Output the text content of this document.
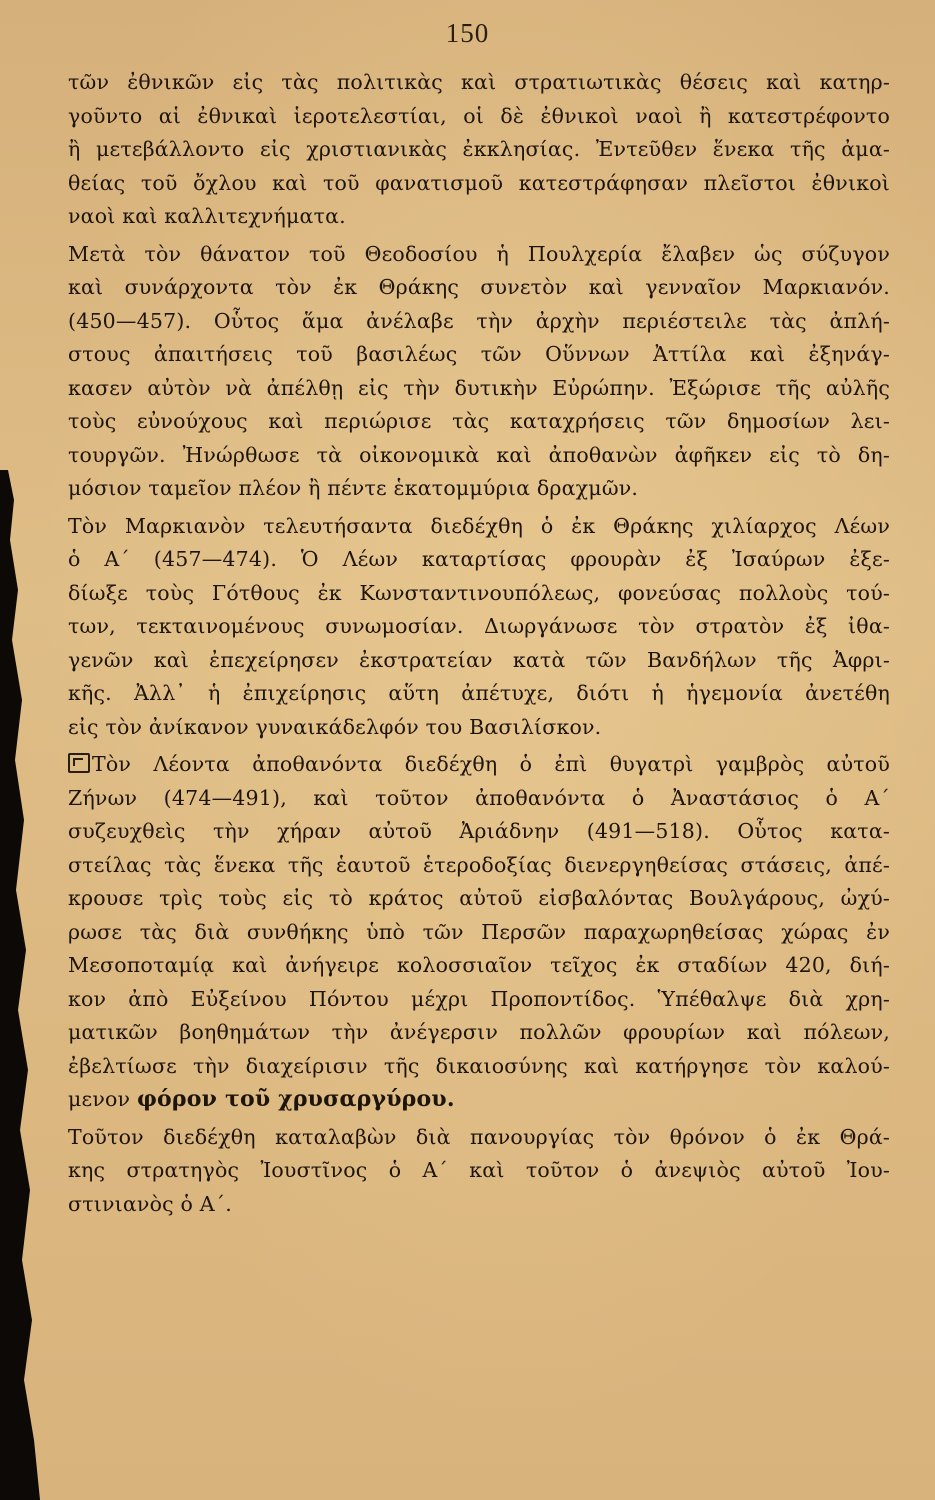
150
τῶν ἐθνικῶν εἰς τὰς πολιτικὰς καὶ στρατιωτικὰς θέσεις καὶ κατηρ-
γοῦντο αἱ ἐθνικαὶ ἱεροτελεστίαι, οἱ δὲ ἐθνικοὶ ναοὶ ἢ κατεστρέφοντο
ἢ μετεβάλλοντο εἰς χριστιανικὰς ἐκκλησίας. Ἐντεῦθεν ἕνεκα τῆς ἀμα-
θείας τοῦ ὄχλου καὶ τοῦ φανατισμοῦ κατεστράφησαν πλεῖστοι ἐθνικοὶ
ναοὶ καὶ καλλιτεχνήματα.
Μετὰ τὸν θάνατον τοῦ Θεοδοσίου ἡ Πουλχερία ἔλαβεν ὡς σύζυγον
καὶ συνάρχοντα τὸν ἐκ Θράκης συνετὸν καὶ γενναῖον Μαρκιανόν.
(450—457). Οὗτος ἅμα ἀνέλαβε τὴν ἀρχὴν περιέστειλε τὰς ἀπλή-
στους ἀπαιτήσεις τοῦ βασιλέως τῶν Οὕννων Ἀττίλα καὶ ἐξηνάγ-
κασεν αὐτὸν νὰ ἀπέλθῃ εἰς τὴν δυτικὴν Εὐρώπην. Ἐξώρισε τῆς αὐλῆς
τοὺς εὐνούχους καὶ περιώρισε τὰς καταχρήσεις τῶν δημοσίων λει-
τουργῶν. Ἠνώρθωσε τὰ οἰκονομικὰ καὶ ἀποθανὼν ἀφῆκεν εἰς τὸ δη-
μόσιον ταμεῖον πλέον ἢ πέντε ἑκατομμύρια δραχμῶν.
Τὸν Μαρκιανὸν τελευτήσαντα διεδέχθη ὁ ἐκ Θράκης χιλίαρχος Λέων
ὁ Α΄ (457—474). Ὁ Λέων καταρτίσας φρουρὰν ἐξ Ἰσαύρων ἐξε-
δίωξε τοὺς Γότθους ἐκ Κωνσταντινουπόλεως, φονεύσας πολλοὺς τού-
των, τεκταινομένους συνωμοσίαν. Διωργάνωσε τὸν στρατὸν ἐξ ἰθα-
γενῶν καὶ ἐπεχείρησεν ἐκστρατείαν κατὰ τῶν Βανδήλων τῆς Ἀφρι-
κῆς. Ἀλλ᾽ ἡ ἐπιχείρησις αὕτη ἀπέτυχε, διότι ἡ ἡγεμονία ἀνετέθη
εἰς τὸν ἀνίκανον γυναικάδελφόν του Βασιλίσκον.
Τὸν Λέοντα ἀποθανόντα διεδέχθη ὁ ἐπὶ θυγατρὶ γαμβρὸς αὐτοῦ
Ζήνων (474—491), καὶ τοῦτον ἀποθανόντα ὁ Ἀναστάσιος ὁ Α΄
συζευχθεὶς τὴν χήραν αὐτοῦ Ἀριάδνην (491—518). Οὗτος κατα-
στείλας τὰς ἕνεκα τῆς ἑαυτοῦ ἑτεροδοξίας διενεργηθείσας στάσεις, ἀπέ-
κρουσε τρὶς τοὺς εἰς τὸ κράτος αὐτοῦ εἰσβαλόντας Βουλγάρους, ὠχύ-
ρωσε τὰς διὰ συνθήκης ὑπὸ τῶν Περσῶν παραχωρηθείσας χώρας ἐν
Μεσοποταμίᾳ καὶ ἀνήγειρε κολοσσιαῖον τεῖχος ἐκ σταδίων 420, διή-
κον ἀπὸ Εὐξείνου Πόντου μέχρι Προποντίδος. Ὑπέθαλψε διὰ χρη-
ματικῶν βοηθημάτων τὴν ἀνέγερσιν πολλῶν φρουρίων καὶ πόλεων,
ἐβελτίωσε τὴν διαχείρισιν τῆς δικαιοσύνης καὶ κατήργησε τὸν καλού-
μενον φόρον τοῦ χρυσαργύρου.
Τοῦτον διεδέχθη καταλαβὼν διὰ πανουργίας τὸν θρόνον ὁ ἐκ Θρά-
κης στρατηγὸς Ἰουστῖνος ὁ Α΄ καὶ τοῦτον ὁ ἀνεψιὸς αὐτοῦ Ἰου-
στινιανὸς ὁ Α΄.
